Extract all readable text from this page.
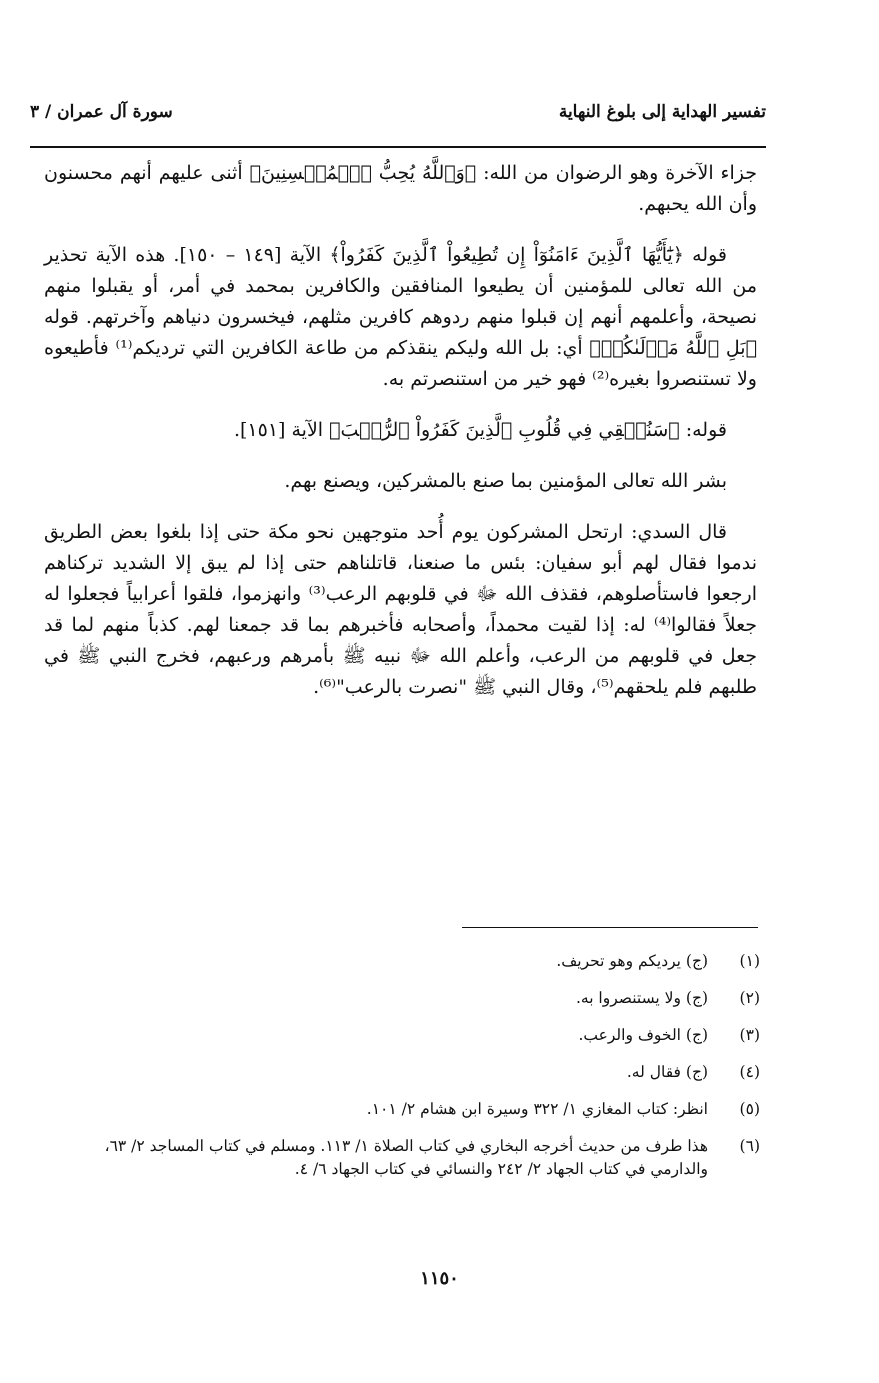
تفسير الهداية إلى بلوغ النهاية
سورة آل عمران / ٣

جزاء الآخرة وهو الرضوان من الله: ﴿وَٱللَّهُ يُحِبُّ ٱلۡمُحۡسِنِينَ﴾ أثنى عليهم أنهم محسنون وأن الله يحبهم.

قوله ﴿يَٰٓأَيُّهَا ٱلَّذِينَ ءَامَنُوٓاْ إِن تُطِيعُواْ ٱلَّذِينَ كَفَرُواْ﴾ الآية [١٤٩ – ١٥٠]. هذه الآية تحذير من الله تعالى للمؤمنين أن يطيعوا المنافقين والكافرين بمحمد في أمر، أو يقبلوا منهم نصيحة، وأعلمهم أنهم إن قبلوا منهم ردوهم كافرين مثلهم، فيخسرون دنياهم وآخرتهم. قوله ﴿بَلِ ٱللَّهُ مَوۡلَىٰكُمۡ﴾ أي: بل الله وليكم ينقذكم من طاعة الكافرين التي ترديكم⁽¹⁾ فأطيعوه ولا تستنصروا بغيره⁽²⁾ فهو خير من استنصرتم به.

قوله: ﴿سَنُلۡقِي فِي قُلُوبِ ٱلَّذِينَ كَفَرُواْ ٱلرُّعۡبَ﴾ الآية [١٥١].

بشر الله تعالى المؤمنين بما صنع بالمشركين، ويصنع بهم.

قال السدي: ارتحل المشركون يوم أُحد متوجهين نحو مكة حتى إذا بلغوا بعض الطريق ندموا فقال لهم أبو سفيان: بئس ما صنعنا، قاتلناهم حتى إذا لم يبق إلا الشديد تركناهم ارجعوا فاستأصلوهم، فقذف الله ﷻ في قلوبهم الرعب⁽³⁾ وانهزموا، فلقوا أعرابياً فجعلوا له جعلاً فقالوا⁽⁴⁾ له: إذا لقيت محمداً، وأصحابه فأخبرهم بما قد جمعنا لهم. كذباً منهم لما قد جعل في قلوبهم من الرعب، وأعلم الله ﷻ نبيه ﷺ بأمرهم ورعبهم، فخرج النبي ﷺ في طلبهم فلم يلحقهم⁽⁵⁾، وقال النبي ﷺ "نصرت بالرعب"⁽⁶⁾.

(١)
(ج) يرديكم وهو تحريف.
(٢)
(ج) ولا يستنصروا به.
(٣)
(ج) الخوف والرعب.
(٤)
(ج) فقال له.
(٥)
انظر: كتاب المغازي ١/ ٣٢٢ وسيرة ابن هشام ٢/ ١٠١.
(٦)
هذا طرف من حديث أخرجه البخاري في كتاب الصلاة ١/ ١١٣. ومسلم في كتاب المساجد ٢/ ٦٣، والدارمي في كتاب الجهاد ٢/ ٢٤٢ والنسائي في كتاب الجهاد ٦/ ٤.
١١٥٠
